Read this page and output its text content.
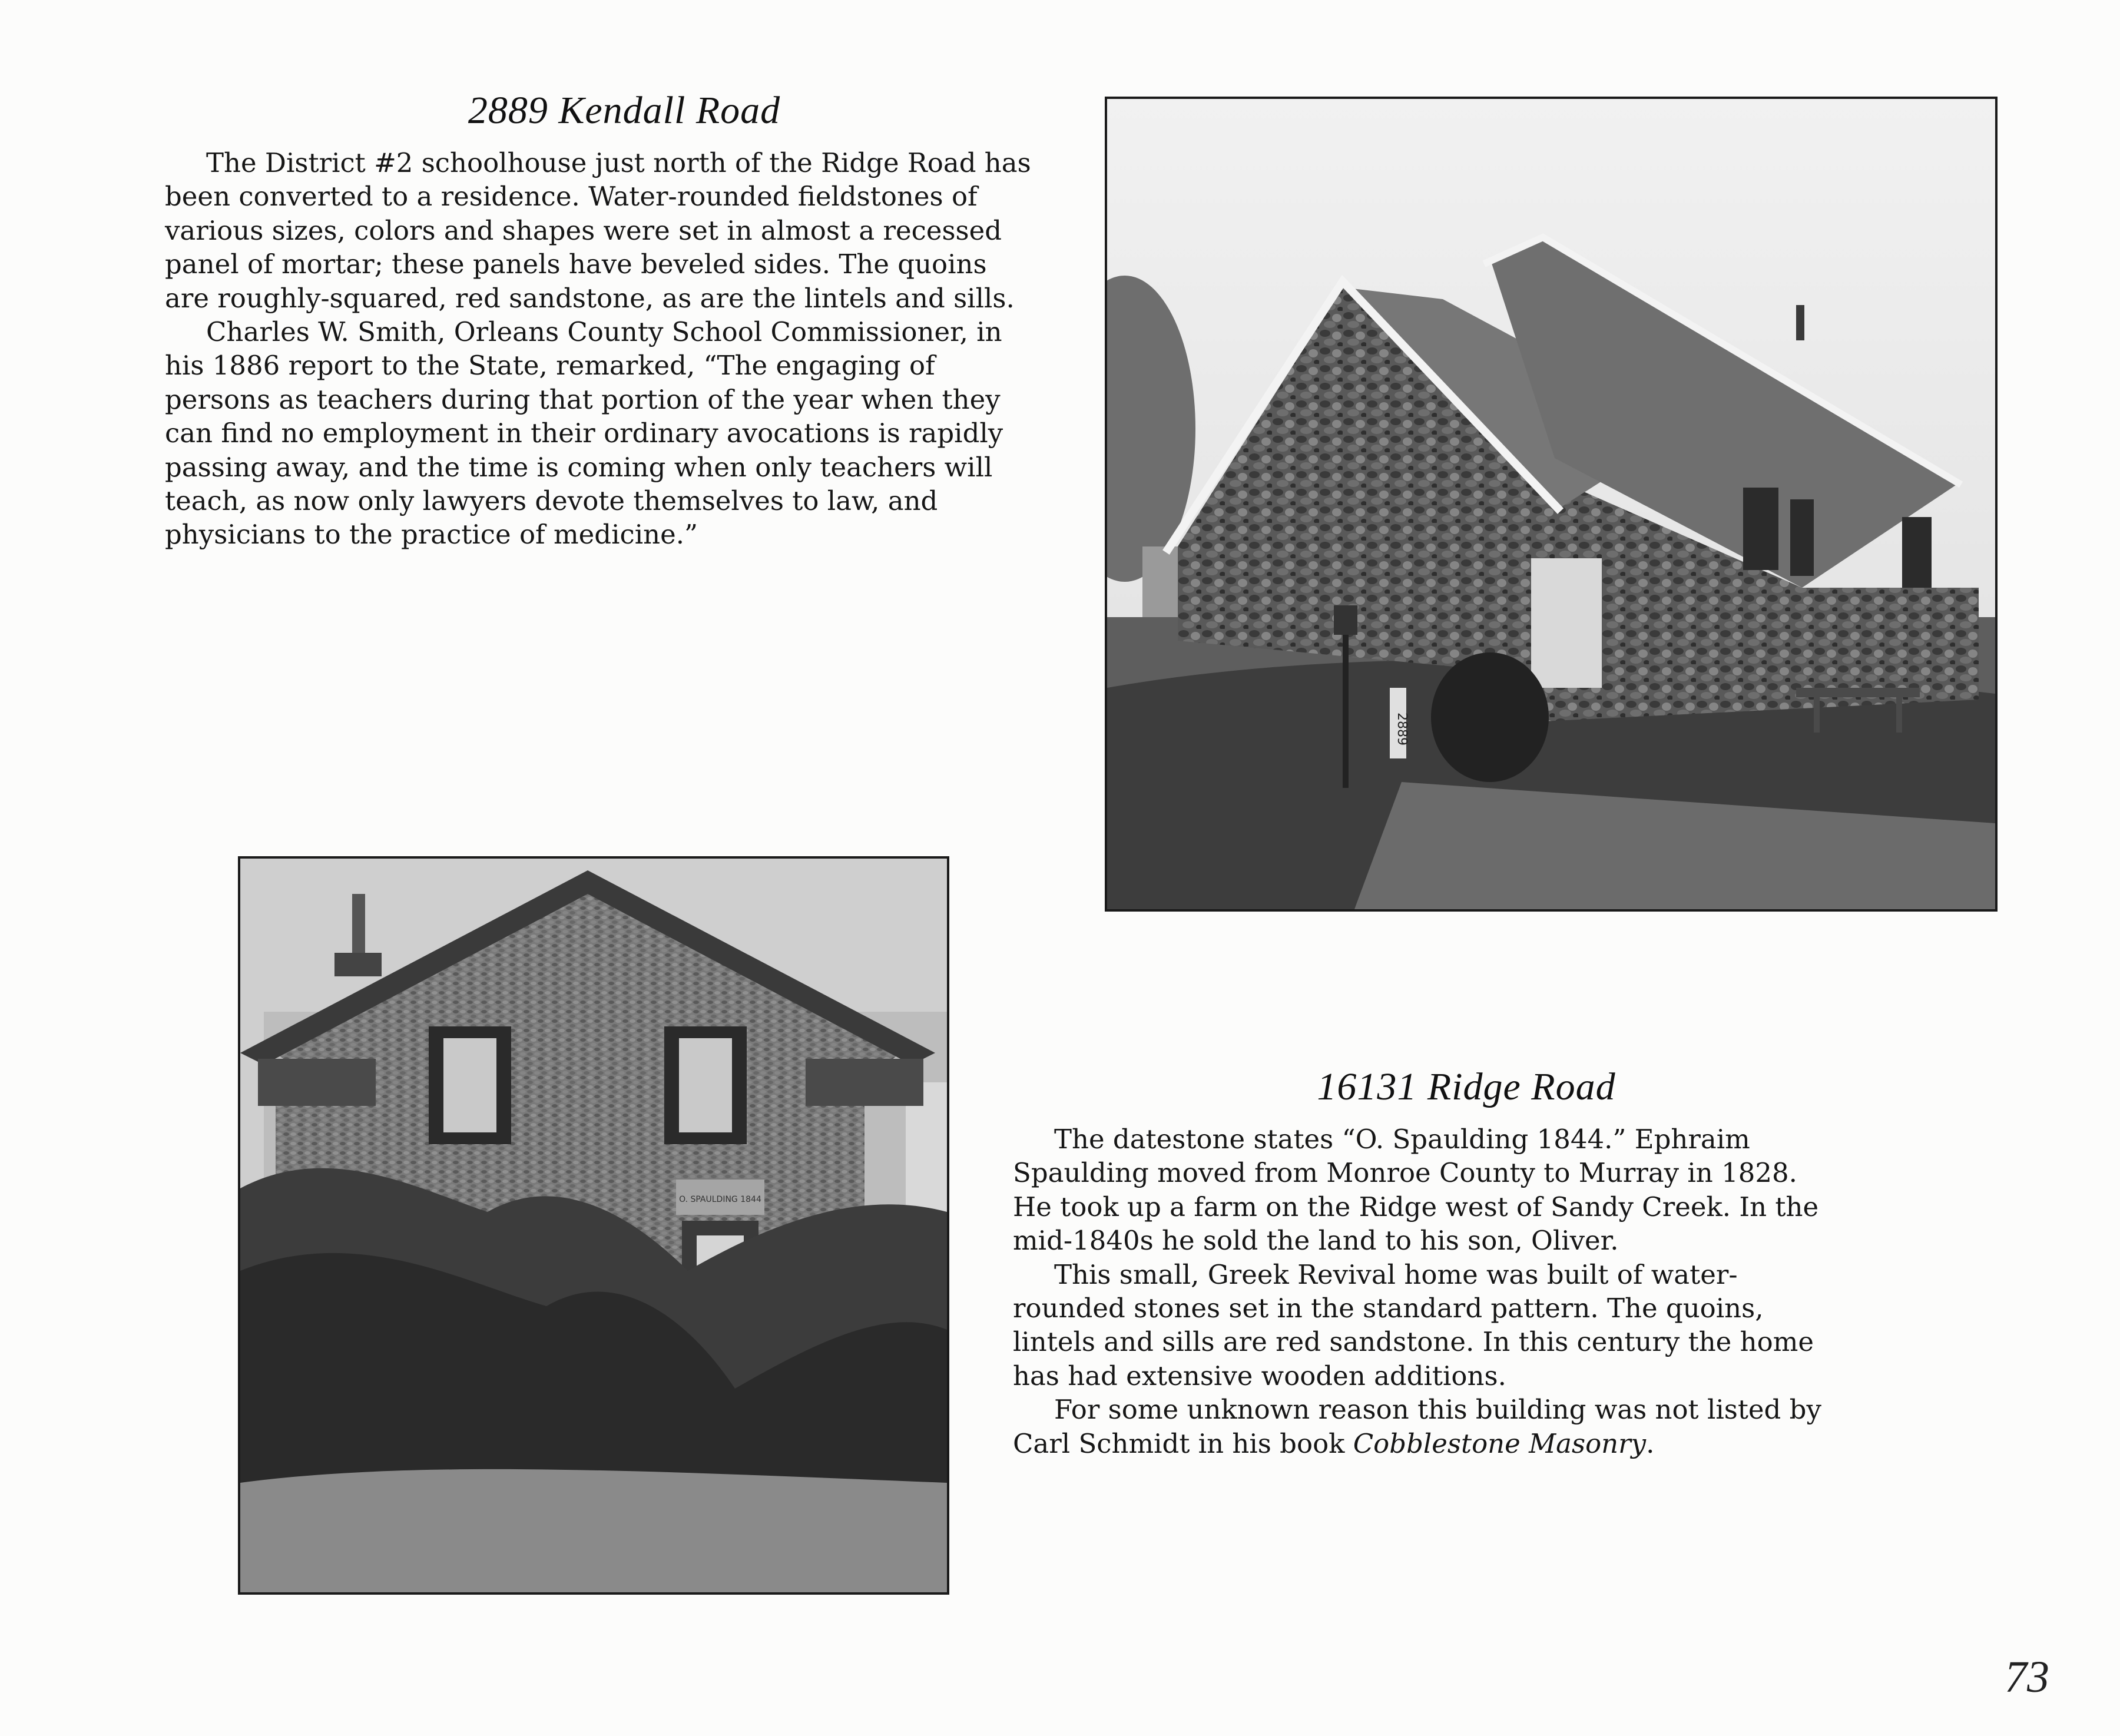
2889 Kendall Road

The District #2 schoolhouse just north of the Ridge Road has been converted to a residence. Water-rounded fieldstones of various sizes, colors and shapes were set in almost a recessed panel of mortar; these panels have beveled sides. The quoins are roughly-squared, red sandstone, as are the lintels and sills.

Charles W. Smith, Orleans County School Commissioner, in his 1886 report to the State, remarked, “The engaging of persons as teachers during that portion of the year when they can find no employment in their ordinary avocations is rapidly passing away, and the time is coming when only teachers will teach, as now only lawyers devote themselves to law, and physicians to the practice of medicine.”

2889
O. SPAULDING 1844
16131 Ridge Road

The datestone states “O. Spaulding 1844.” Ephraim Spaulding moved from Monroe County to Murray in 1828. He took up a farm on the Ridge west of Sandy Creek. In the mid-1840s he sold the land to his son, Oliver.

This small, Greek Revival home was built of water-rounded stones set in the standard pattern. The quoins, lintels and sills are red sandstone. In this century the home has had extensive wooden additions.

For some unknown reason this building was not listed by Carl Schmidt in his book Cobblestone Masonry.

73
